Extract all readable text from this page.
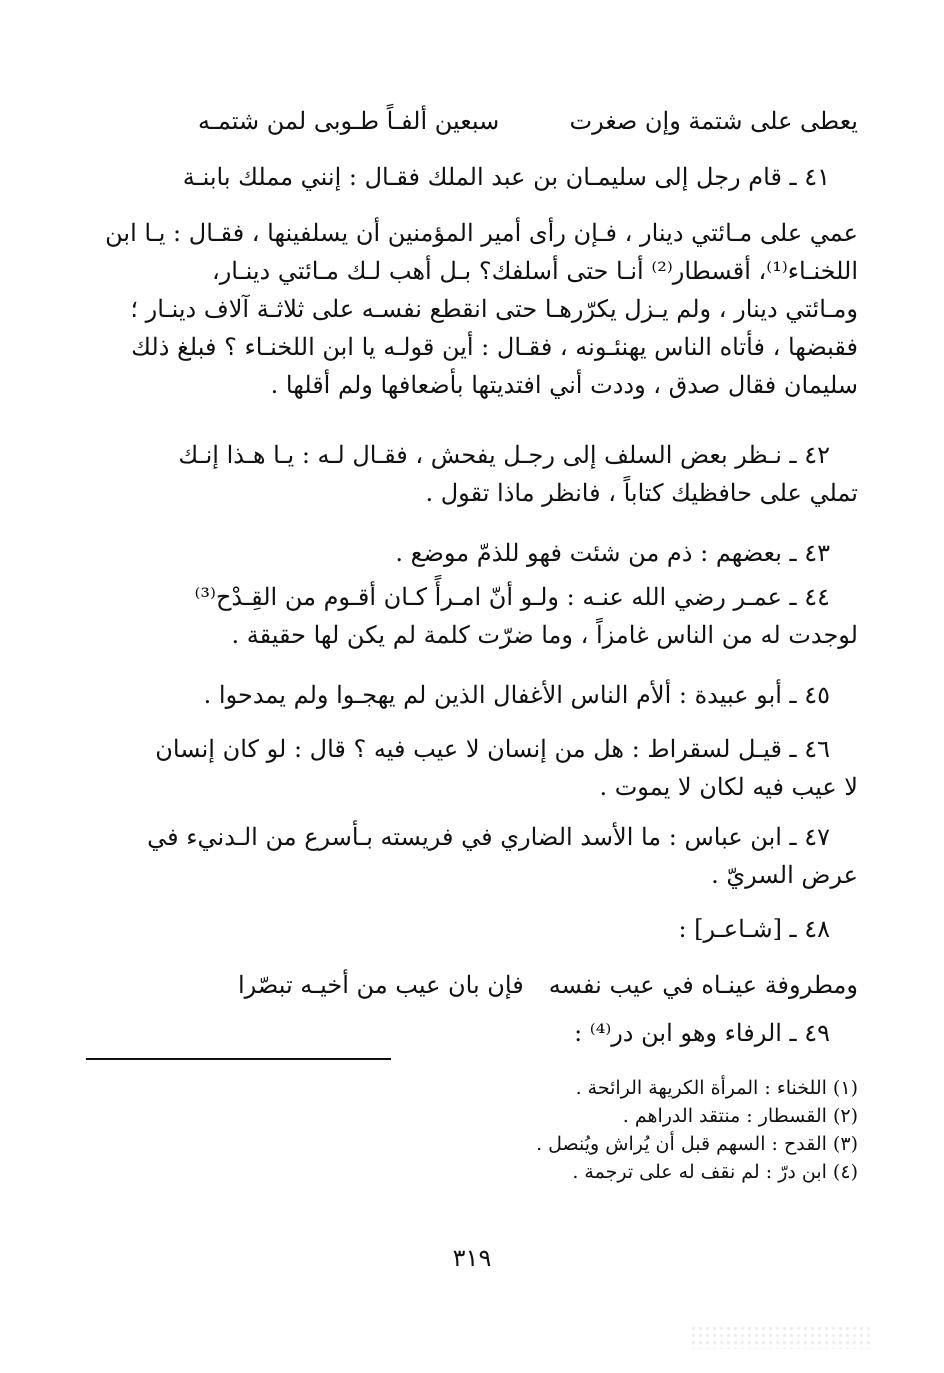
يعطى على شتمة وإن صغرت
سبعين ألفـاً طـوبى لمن شتمـه
٤١ ـ قام رجل إلى سليمـان بن عبد الملك فقـال : إنني مملك بابنـة
عمي على مـائتي دينار ، فـإن رأى أمير المؤمنين أن يسلفينها ، فقـال : يـا ابن
اللخنـاء⁽¹⁾، أقسطار⁽²⁾ أنـا حتى أسلفك؟ بـل أهب لـك مـائتي دينـار،
ومـائتي دينار ، ولم يـزل يكرّرهـا حتى انقطع نفسـه على ثلاثـة آلاف دينـار ؛
فقبضها ، فأتاه الناس يهنئـونه ، فقـال : أين قولـه يا ابن اللخنـاء ؟ فبلغ ذلك
سليمان فقال صدق ، وددت أني افتديتها بأضعافها ولم أقلها .
٤٢ ـ نـظر بعض السلف إلى رجـل يفحش ، فقـال لـه : يـا هـذا إنـك
تملي على حافظيك كتاباً ، فانظر ماذا تقول .
٤٣ ـ بعضهم : ذم من شئت فهو للذمّ موضع .
٤٤ ـ عمـر رضي الله عنـه : ولـو أنّ امـرأً كـان أقـوم من القِـدْح⁽³⁾
لوجدت له من الناس غامزاً ، وما ضرّت كلمة لم يكن لها حقيقة .
٤٥ ـ أبو عبيدة : ألأم الناس الأغفال الذين لم يهجـوا ولم يمدحوا .
٤٦ ـ قيـل لسقراط : هل من إنسان لا عيب فيه ؟ قال : لو كان إنسان
لا عيب فيه لكان لا يموت .
٤٧ ـ ابن عباس : ما الأسد الضاري في فريسته بـأسرع من الـدنيء في
عرض السريّ .
٤٨ ـ [شـاعـر] :
ومطروفة عينـاه في عيب نفسه
فإن بان عيب من أخيـه تبصّرا
٤٩ ـ الرفاء وهو ابن در⁽⁴⁾ :
(١) اللخناء : المرأة الكريهة الرائحة .
(٢) القسطار : منتقد الدراهم .
(٣) القدح : السهم قبل أن يُراش ويُنصل .
(٤) ابن درّ : لم نقف له على ترجمة .
٣١٩
